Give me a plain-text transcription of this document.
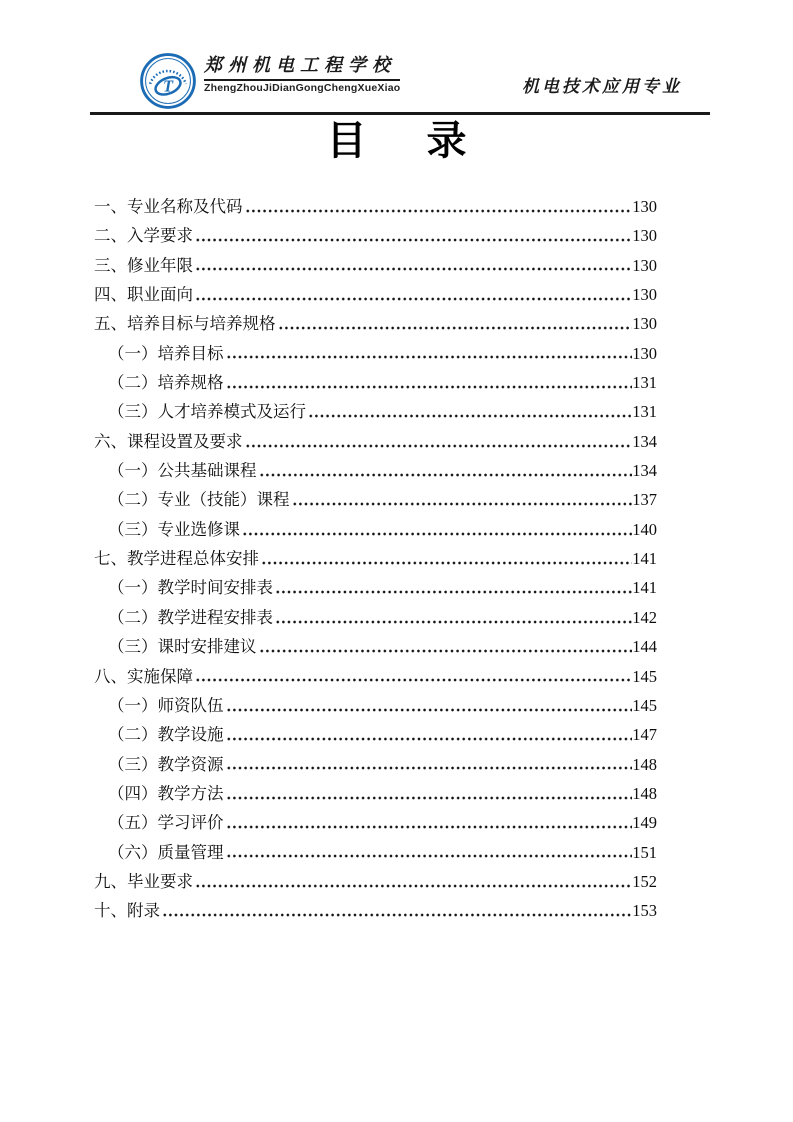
T
郑州机电工程学校
ZhengZhouJiDianGongChengXueXiao	机电技术应用专业
目　录
一、专业名称及代码	130
二、入学要求	130
三、修业年限	130
四、职业面向	130
五、培养目标与培养规格	130
（一）培养目标	130
（二）培养规格	131
（三）人才培养模式及运行	131
六、课程设置及要求	134
（一）公共基础课程	134
（二）专业（技能）课程	137
（三）专业选修课	140
七、教学进程总体安排	141
（一）教学时间安排表	141
（二）教学进程安排表	142
（三）课时安排建议	144
八、实施保障	145
（一）师资队伍	145
（二）教学设施	147
（三）教学资源	148
（四）教学方法	148
（五）学习评价	149
（六）质量管理	151
九、毕业要求	152
十、附录	153
